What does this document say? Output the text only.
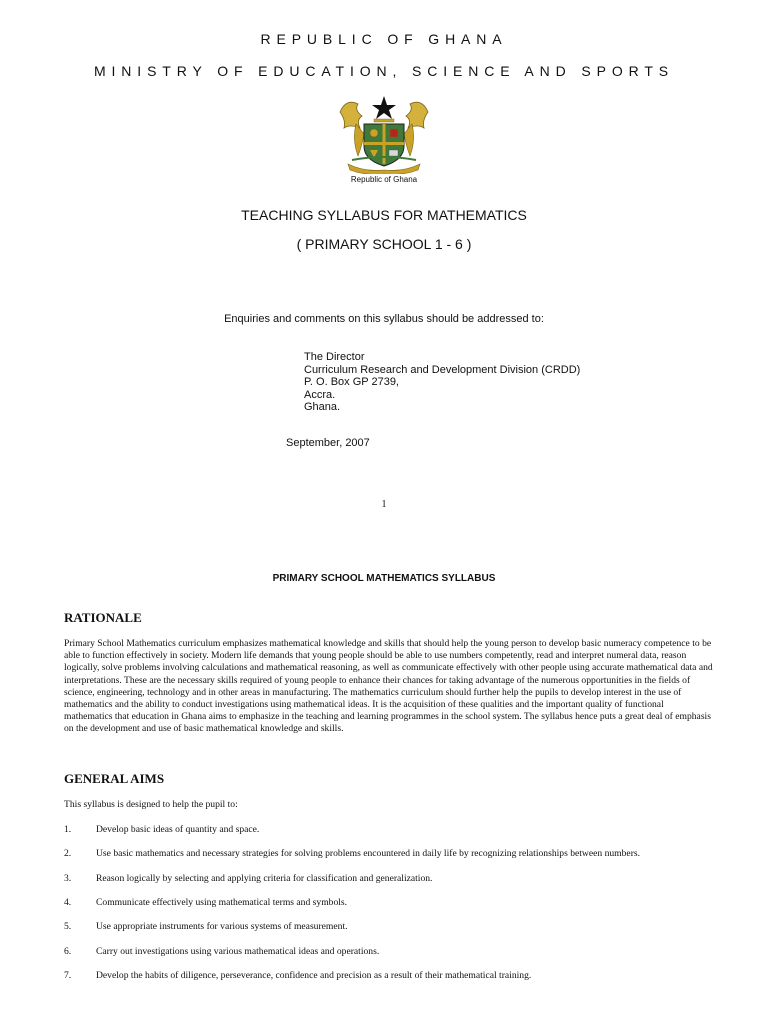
REPUBLIC OF GHANA
MINISTRY OF EDUCATION, SCIENCE AND SPORTS
Republic of Ghana
TEACHING SYLLABUS FOR MATHEMATICS
( PRIMARY SCHOOL 1 - 6 )
Enquiries and comments on this syllabus should be addressed to:
The Director
Curriculum Research and Development Division (CRDD)
P. O. Box GP 2739,
Accra.
Ghana.
September, 2007
1
PRIMARY SCHOOL MATHEMATICS SYLLABUS
RATIONALE

Primary School Mathematics curriculum emphasizes mathematical knowledge and skills that should help the young person to develop basic numeracy competence to be able to function effectively in society. Modern life demands that young people should be able to use numbers competently, read and interpret numeral data, reason logically, solve problems involving calculations and mathematical reasoning, as well as communicate effectively with other people using accurate mathematical data and interpretations. These are the necessary skills required of young people to enhance their chances for taking advantage of the numerous opportunities in the fields of science, engineering, technology and in other areas in manufacturing. The mathematics curriculum should further help the pupils to develop interest in the use of mathematics and the ability to conduct investigations using mathematical ideas. It is the acquisition of these qualities and the important quality of functional mathematics that education in Ghana aims to emphasize in the teaching and learning programmes in the school system. The syllabus hence puts a great deal of emphasis on the development and use of basic mathematical knowledge and skills.

GENERAL AIMS
This syllabus is designed to help the pupil to:
1.	Develop basic ideas of quantity and space.
2.	Use basic mathematics and necessary strategies for solving problems encountered in daily life by recognizing relationships between numbers.
3.	Reason logically by selecting and applying criteria for classification and generalization.
4.	Communicate effectively using mathematical terms and symbols.
5.	Use appropriate instruments for various systems of measurement.
6.	Carry out investigations using various mathematical ideas and operations.
7.	Develop the habits of diligence, perseverance, confidence and precision as a result of their mathematical training.
